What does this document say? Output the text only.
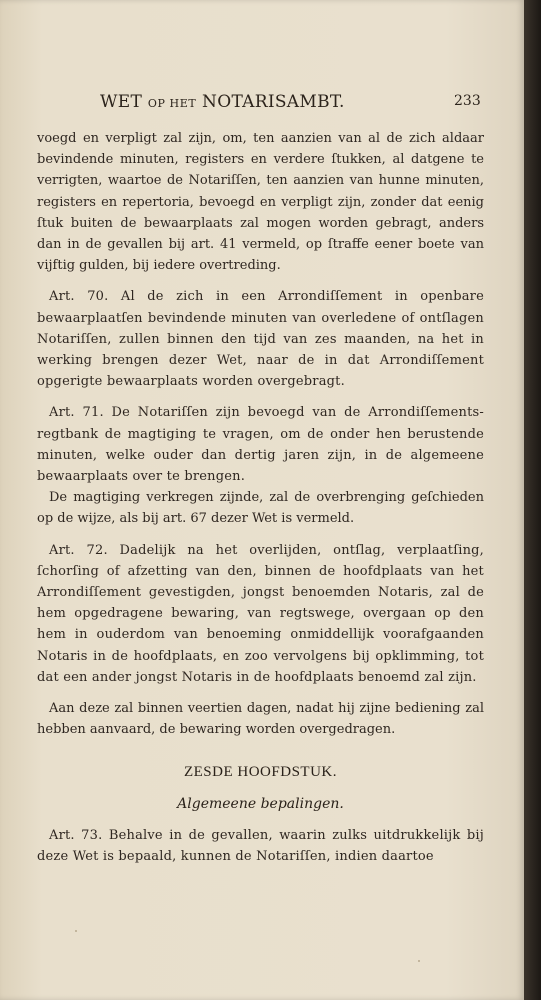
WET OP HET NOTARISAMBT.	233

voegd en verpligt zal zijn, om, ten aanzien van al de zich aldaar bevindende minuten, registers en verdere ſtukken, al datgene te verrigten, waartoe de Notariſſen, ten aanzien van hunne minuten, registers en repertoria, bevoegd en verpligt zijn, zonder dat eenig ſtuk buiten de bewaarplaats zal mogen worden gebragt, anders dan in de gevallen bij art. 41 vermeld, op ſtraffe eener boete van vijftig gulden, bij iedere overtreding.

Art. 70. Al de zich in een Arrondiſſement in openbare bewaarplaatſen bevindende minuten van overledene of ontſlagen Notariſſen, zullen binnen den tijd van zes maanden, na het in werking brengen dezer Wet, naar de in dat Arrondiſſement opgerigte bewaarplaats worden overgebragt.

Art. 71. De Notariſſen zijn bevoegd van de Arrondiſſements-regtbank de magtiging te vragen, om de onder hen berustende minuten, welke ouder dan dertig jaren zijn, in de algemeene bewaarplaats over te brengen.

De magtiging verkregen zijnde, zal de overbrenging geſchieden op de wijze, als bij art. 67 dezer Wet is vermeld.

Art. 72. Dadelijk na het overlijden, ontſlag, verplaatſing, ſchorſing of afzetting van den, binnen de hoofdplaats van het Arrondiſſement gevestigden, jongst benoemden Notaris, zal de hem opgedragene bewaring, van regtswege, overgaan op den hem in ouderdom van benoeming onmiddellijk voorafgaanden Notaris in de hoofdplaats, en zoo vervolgens bij opklimming, tot dat een ander jongst Notaris in de hoofdplaats benoemd zal zijn.

Aan deze zal binnen veertien dagen, nadat hij zijne bediening zal hebben aanvaard, de bewaring worden overgedragen.

ZESDE HOOFDSTUK.

Algemeene bepalingen.

Art. 73. Behalve in de gevallen, waarin zulks uitdrukkelijk bij deze Wet is bepaald, kunnen de Notariſſen, indien daartoe
